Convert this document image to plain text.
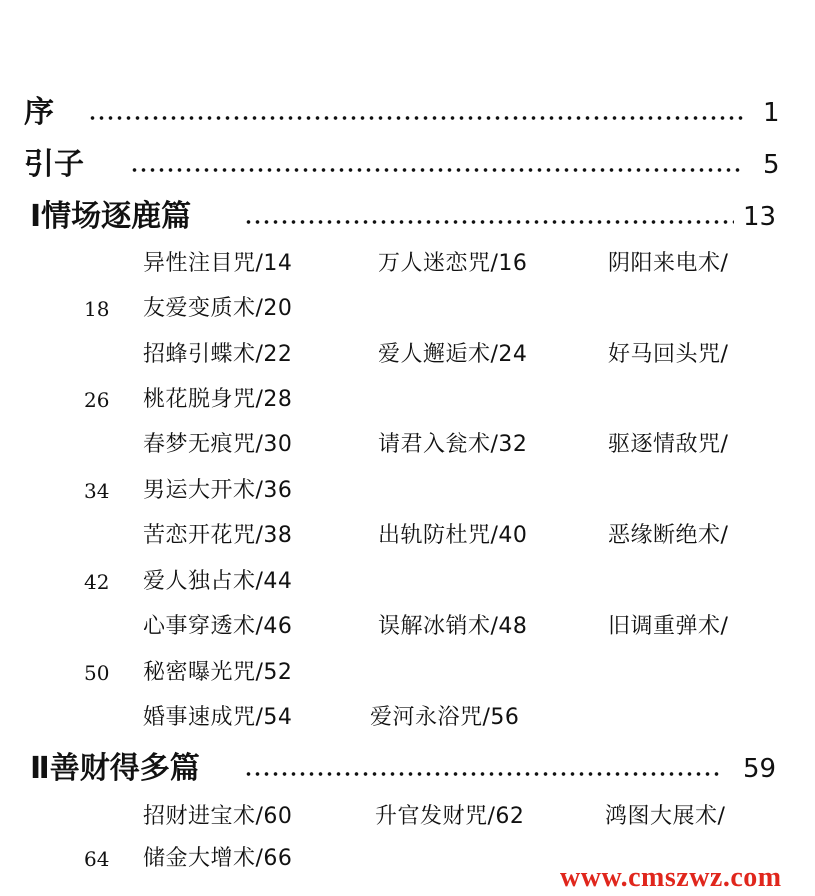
序	1
引子	5
Ⅰ情场逐鹿篇	13
异性注目咒/14	万人迷恋咒/16	阴阳来电术/
18 友爱变质术/20
招蜂引蝶术/22	爱人邂逅术/24	好马回头咒/
26 桃花脱身咒/28
春梦无痕咒/30	请君入瓮术/32	驱逐情敌咒/
34 男运大开术/36
苦恋开花咒/38	出轨防杜咒/40	恶缘断绝术/
42 爱人独占术/44
心事穿透术/46	误解冰销术/48	旧调重弹术/
50 秘密曝光咒/52
婚事速成咒/54	爱河永浴咒/56
Ⅱ善财得多篇	59
招财进宝术/60	升官发财咒/62	鸿图大展术/
64 储金大增术/66
www.cmszwz.com
